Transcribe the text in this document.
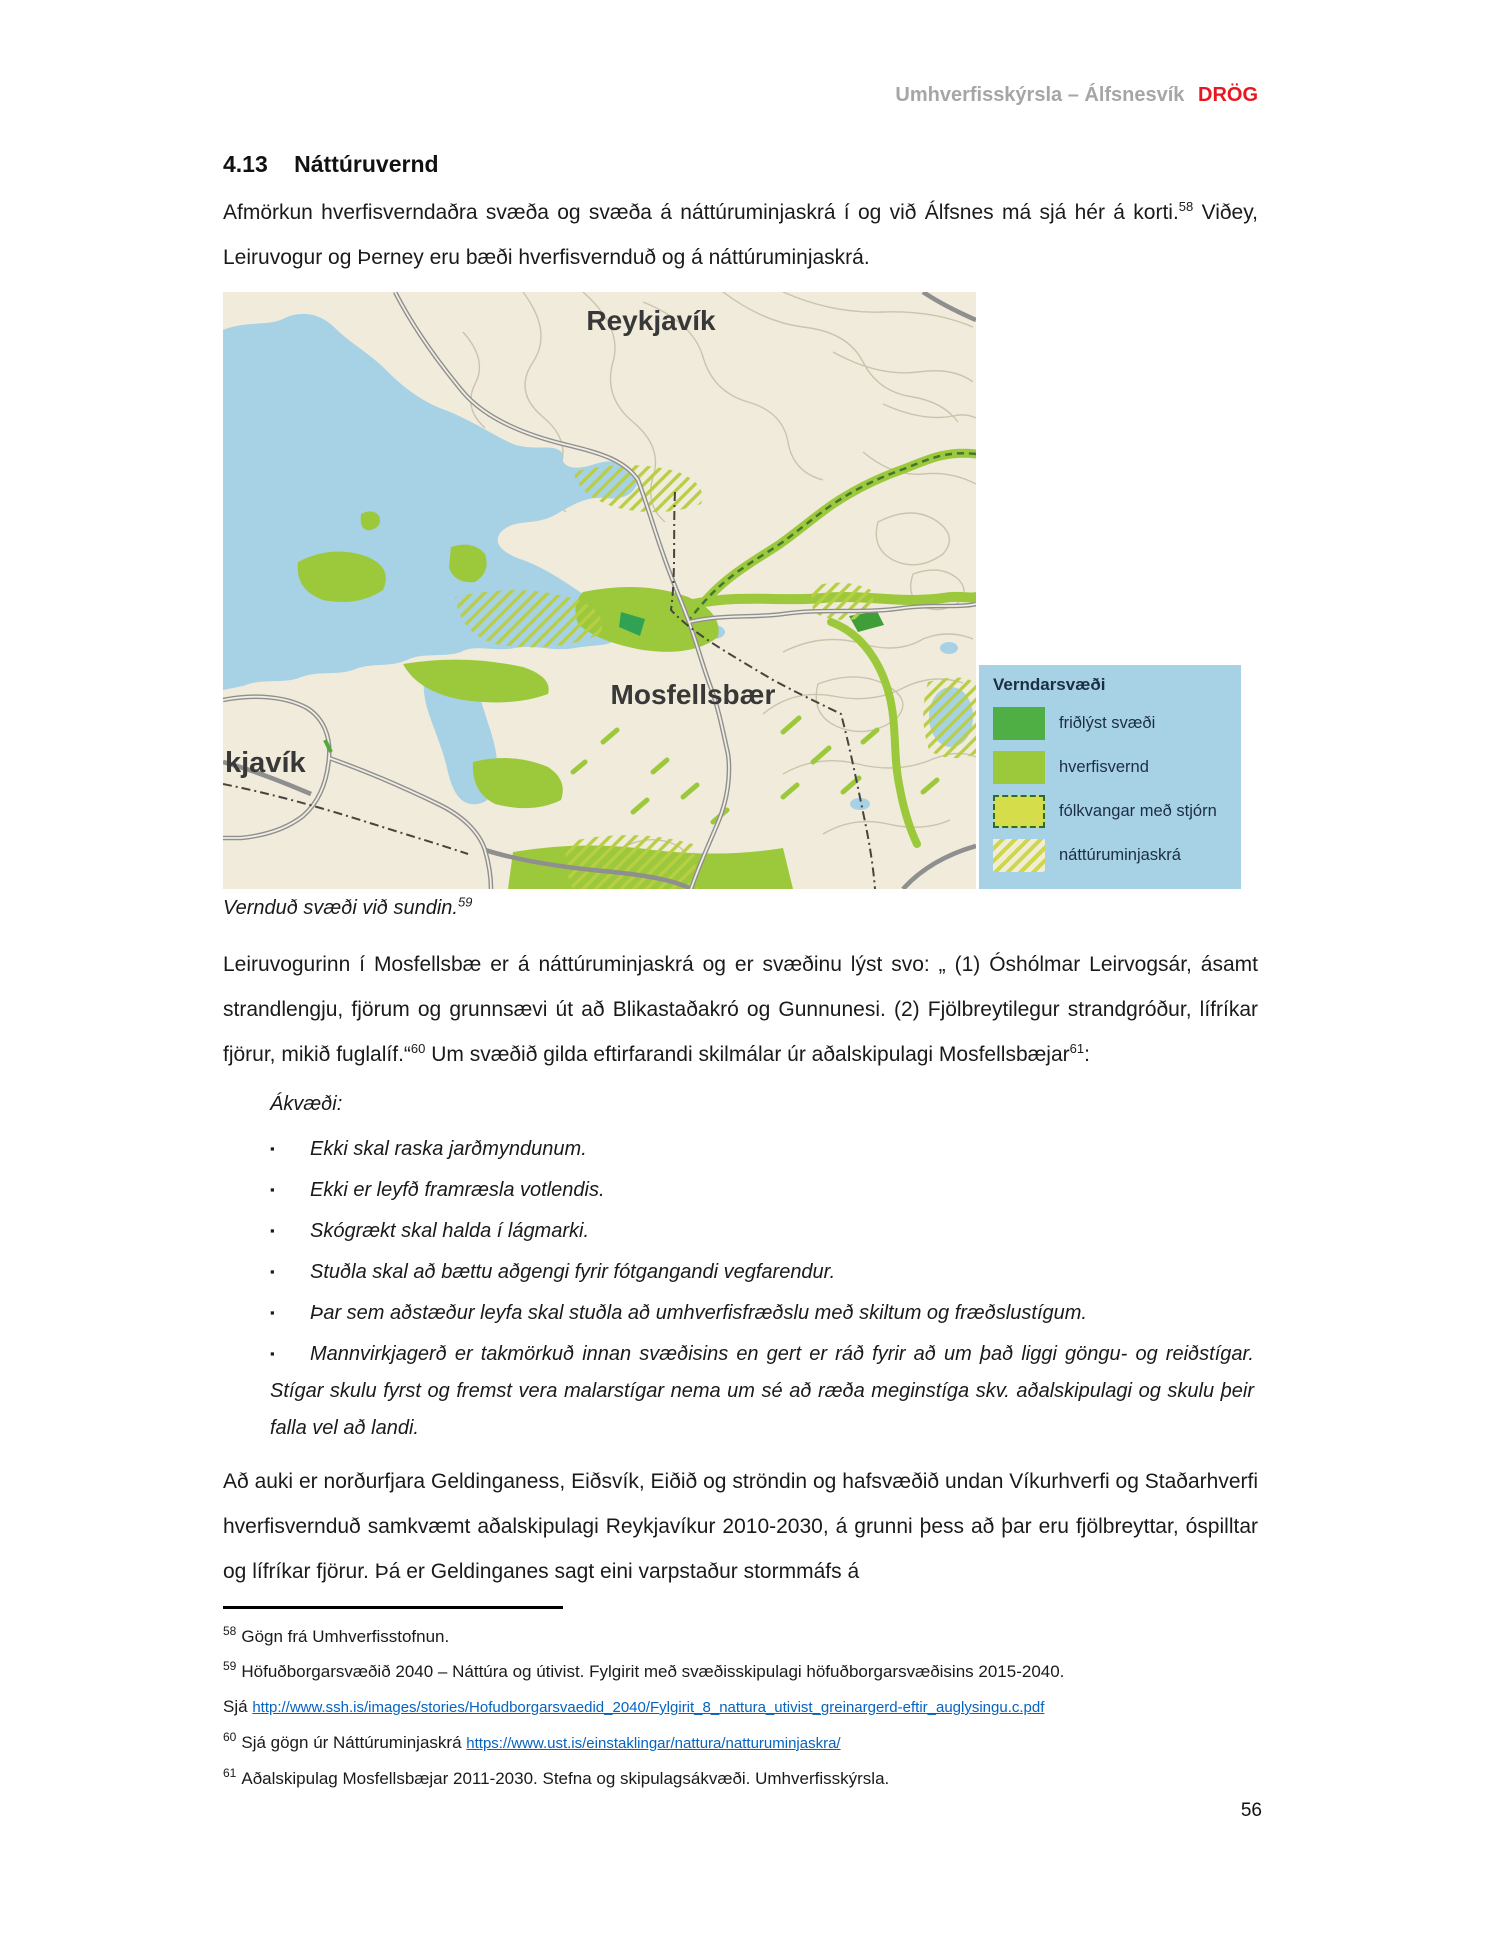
Umhverfisskýrsla – Álfsnesvík DRÖG
4.13 Náttúruvernd

Afmörkun hverfisverndaðra svæða og svæða á náttúruminjaskrá í og við Álfsnes má sjá hér á korti.$^{58}$ Viðey, Leiruvogur og Þerney eru bæði hverfisvernduð og á náttúruminjaskrá.

Reykjavík
Mosfellsbær
kjavík
Verndarsvæði
friðlýst svæði
hverfisvernd
fólkvangar með stjórn
náttúruminjaskrá
Vernduð svæði við sundin.$^{59}$

Leiruvogurinn í Mosfellsbæ er á náttúruminjaskrá og er svæðinu lýst svo: „ (1) Óshólmar Leirvogsár, ásamt strandlengju, fjörum og grunnsævi út að Blikastaðakró og Gunnunesi. (2) Fjölbreytilegur strandgróður, lífríkar fjörur, mikið fuglalíf.“$^{60}$ Um svæðið gilda eftirfarandi skilmálar úr aðalskipulagi Mosfellsbæjar$^{61}$:

Ákvæði:
▪ Ekki skal raska jarðmyndunum.
▪ Ekki er leyfð framræsla votlendis.
▪ Skógrækt skal halda í lágmarki.
▪ Stuðla skal að bættu aðgengi fyrir fótgangandi vegfarendur.
▪ Þar sem aðstæður leyfa skal stuðla að umhverfisfræðslu með skiltum og fræðslustígum.
▪ Mannvirkjagerð er takmörkuð innan svæðisins en gert er ráð fyrir að um það liggi göngu- og reiðstígar. Stígar skulu fyrst og fremst vera malarstígar nema um sé að ræða meginstíga skv. aðalskipulagi og skulu þeir falla vel að landi.

Að auki er norðurfjara Geldinganess, Eiðsvík, Eiðið og ströndin og hafsvæðið undan Víkurhverfi og Staðarhverfi hverfisvernduð samkvæmt aðalskipulagi Reykjavíkur 2010-2030, á grunni þess að þar eru fjölbreyttar, óspilltar og lífríkar fjörur. Þá er Geldinganes sagt eini varpstaður stormmáfs á

$^{58}$ Gögn frá Umhverfisstofnun.
$^{59}$ Höfuðborgarsvæðið 2040 – Náttúra og útivist. Fylgirit með svæðisskipulagi höfuðborgarsvæðisins 2015-2040.
Sjá http://www.ssh.is/images/stories/Hofudborgarsvaedid_2040/Fylgirit_8_nattura_utivist_greinargerd-eftir_auglysingu.c.pdf
$^{60}$ Sjá gögn úr Náttúruminjaskrá https://www.ust.is/einstaklingar/nattura/natturuminjaskra/
$^{61}$ Aðalskipulag Mosfellsbæjar 2011-2030. Stefna og skipulagsákvæði. Umhverfisskýrsla.
56
